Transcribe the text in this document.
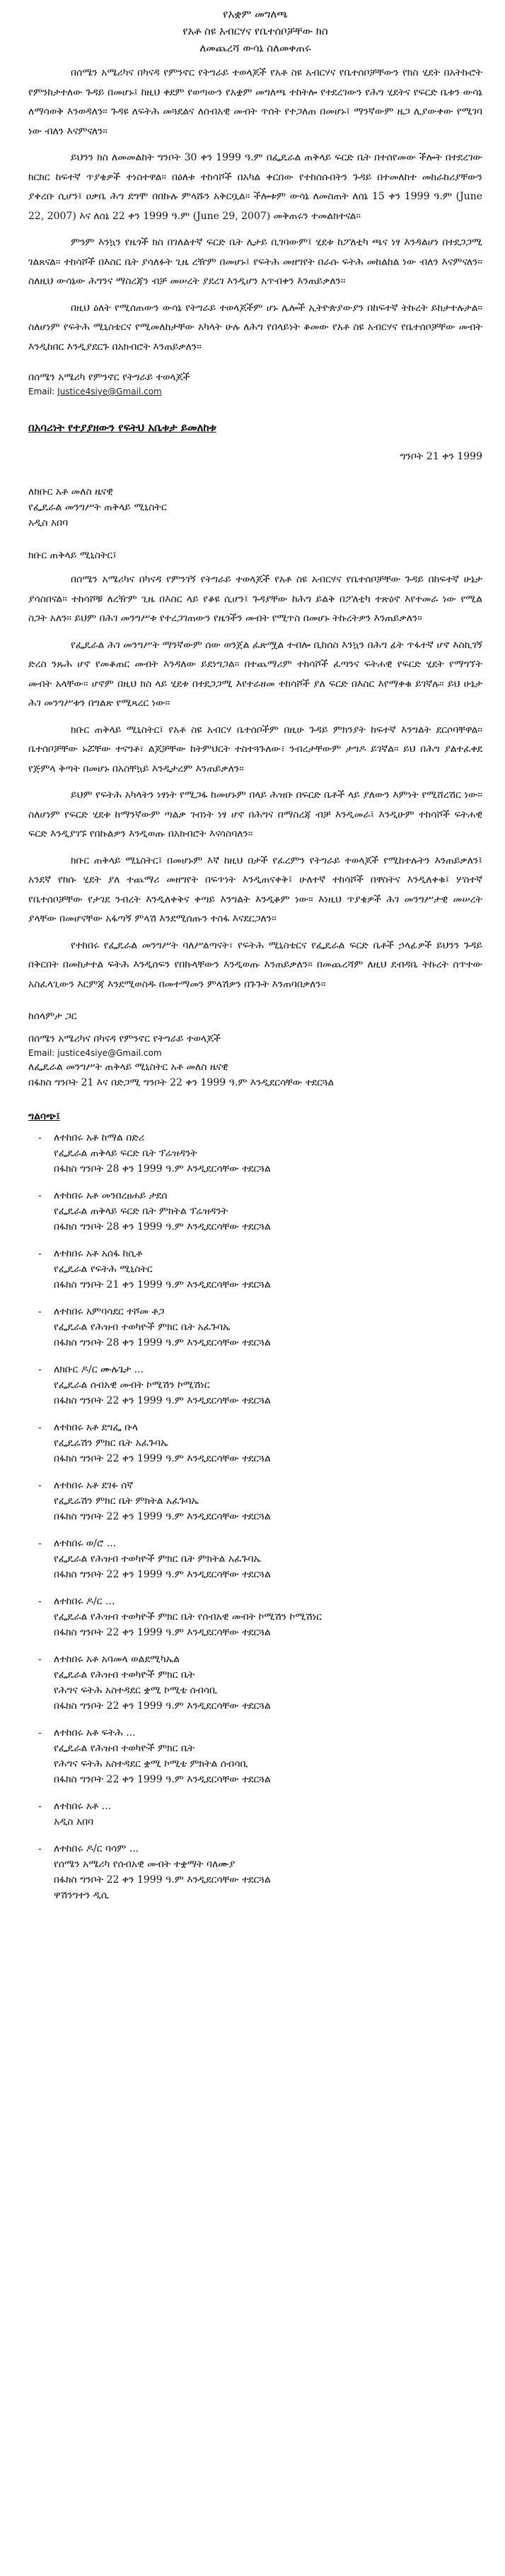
የአቋም መግለጫ
የአቶ ስዩ አብርሃና የቤተሰቦቻቸው ክስ
ለመጨረሻ ውሳኔ ስለመቀጠሩ

በሰሜን አሜሪካና በካናዳ የምንኖር የትግራይ ተወላጆች የአቶ ስዩ አብርሃና የቤተሰቦቻቸውን የክስ ሂደት በአትኩሮት የምንከታተለው ጉዳይ በመሆኑ፤ ከዚህ ቀደም የወጣውን የአቋም መግለጫ ተከትሎ የተደረገውን የሕግ ሂደትና የፍርድ ቤቱን ውሳኔ ለማሳወቅ እንወዳለን። ጉዳዩ ለፍትሕ መጓደልና ለሰብአዊ መብት ጥሰት የተጋለጠ በመሆኑ፤ ማንኛውም ዜጋ ሊያውቀው የሚገባ ነው ብለን እናምናለን።

ይህንን ክስ ለመመልከት ግንቦት 30 ቀን 1999 ዓ.ም በፌዴራል ጠቅላይ ፍርድ ቤት በተሰየመው ችሎት በተደረገው ክርክር ከፍተኛ ጥያቄዎች ተነስተዋል። በዕለቱ ተከሳሾች በአካል ቀርበው የተከሰሱበትን ጉዳይ በተመለከተ መከራከሪያቸውን ያቀረቡ ሲሆን፤ ዐቃቤ ሕግ ደግሞ በበኩሉ ምላሹን አቅርቧል። ችሎቱም ውሳኔ ለመስጠት ለሰኔ 15 ቀን 1999 ዓ.ም (June 22, 2007) እና ለሰኔ 22 ቀን 1999 ዓ.ም (June 29, 2007) መቅጠሩን ተመልክተናል።

ምንም እንኳን የዜጎች ክስ በገለልተኛ ፍርድ ቤት ሊታይ ቢገባውም፤ ሂደቱ ከፖለቲካ ጫና ነፃ እንዳልሆነ በተደጋጋሚ ገልጸናል። ተከሳሾች በእስር ቤት ያሳለፉት ጊዜ ረዥም በመሆኑ፤ የፍትሕ መዘግየት በራሱ ፍትሕ መከልከል ነው ብለን እናምናለን። ስለዚህ ውሳኔው ሕግንና ማስረጃን ብቻ መሠረት ያደረገ እንዲሆን አጥብቀን እንጠይቃለን።

በዚህ ዕለት የሚሰጠውን ውሳኔ የትግራይ ተወላጆችም ሆኑ ሌሎች ኢትዮጵያውያን በከፍተኛ ትኩረት ይከታተሉታል። ስለሆነም የፍትሕ ሚኒስቴርና የሚመለከታቸው አካላት ሁሉ ለሕግ የበላይነት ቆመው የአቶ ስዩ አብርሃና የቤተሰቦቻቸው መብት እንዲከበር እንዲያደርጉ በአክብሮት እንጠይቃለን።

በሰሜን አሜሪካ የምንኖር የትግራይ ተወላጆች
Email: Justice4siye@Gmail.com
በአባሪነት የተያያዘውን የፍትህ አቤቱታ ይመለከቱ
ግንቦት 21 ቀን 1999
ለክቡር አቶ መለስ ዜናዊ
የፌዴራል መንግሥት ጠቅላይ ሚኒስትር
አዲስ አበባ
ክቡር ጠቅላይ ሚኒስትር፤

በሰሜን አሜሪካና በካናዳ የምንገኝ የትግራይ ተወላጆች የአቶ ስዩ አብርሃና የቤተሰቦቻቸው ጉዳይ በከፍተኛ ሁኔታ ያሳስበናል። ተከሳሾቹ ለረዥም ጊዜ በእስር ላይ የቆዩ ሲሆን፤ ጉዳያቸው ከሕግ ይልቅ በፖለቲካ ተጽዕኖ እየተመራ ነው የሚል ስጋት አለን። ይህም በሕገ መንግሥቱ የተረጋገጠውን የዜጎችን መብት የሚጥስ በመሆኑ ትኩረትዎን እንጠይቃለን።

የፌዴራል ሕገ መንግሥት ማንኛውም ሰው ወንጀል ፈጽሟል ተብሎ ቢከሰስ እንኳን በሕግ ፊት ጥፋተኛ ሆኖ እስኪገኝ ድረስ ንጹሕ ሆኖ የመቆጠር መብት እንዳለው ይደነግጋል። በተጨማሪም ተከሳሾች ፈጣንና ፍትሐዊ የፍርድ ሂደት የማግኘት መብት አላቸው። ሆኖም በዚህ ክስ ላይ ሂደቱ በተደጋጋሚ እየተራዘመ ተከሳሾች ያለ ፍርድ በእስር እየማቀቁ ይገኛሉ። ይህ ሁኔታ ሕገ መንግሥቱን በግልጽ የሚጻረር ነው።

ክቡር ጠቅላይ ሚኒስትር፤ የአቶ ስዩ አብርሃ ቤተሰቦችም በዚሁ ጉዳይ ምክንያት ከፍተኛ እንግልት ደርሶባቸዋል። ቤተሰቦቻቸው ኑሯቸው ተናግቶ፣ ልጆቻቸው ከትምህርት ተስተጓጉለው፣ ንብረታቸውም ታግዶ ይገኛል። ይህ በሕግ ያልተፈቀደ የጅምላ ቅጣት በመሆኑ በአስቸኳይ እንዲታረም እንጠይቃለን።

ይህም የፍትሕ አካላትን ነፃነት የሚጋፋ ከመሆኑም በላይ ሕዝቡ በፍርድ ቤቶች ላይ ያለውን እምነት የሚሸረሽር ነው። ስለሆነም የፍርድ ሂደቱ ከማንኛውም ጣልቃ ገብነት ነፃ ሆኖ በሕግና በማስረጃ ብቻ እንዲመራ፤ እንዲሁም ተከሳሾች ፍትሐዊ ፍርድ እንዲያገኙ የበኩልዎን እንዲወጡ በአክብሮት እናሳስባለን።

ክቡር ጠቅላይ ሚኒስትር፤ በመሆኑም እኛ ከዚህ በታች የፈረምን የትግራይ ተወላጆች የሚከተሉትን እንጠይቃለን፤ አንደኛ የክሱ ሂደት ያለ ተጨማሪ መዘግየት በፍጥነት እንዲጠናቀቅ፤ ሁለተኛ ተከሳሾች በዋስትና እንዲለቀቁ፤ ሦስተኛ የቤተሰቦቻቸው የታገደ ንብረት እንዲለቀቅና ቀጣይ እንግልት እንዲቆም ነው። እነዚህ ጥያቄዎች ሕገ መንግሥታዊ መሠረት ያላቸው በመሆናቸው አፋጣኝ ምላሽ እንደሚሰጡን ተስፋ እናደርጋለን።

የተከበሩ የፌዴራል መንግሥት ባለሥልጣናት፣ የፍትሕ ሚኒስቴርና የፌዴራል ፍርድ ቤቶች ኃላፊዎች ይህንን ጉዳይ በቅርበት በመከታተል ፍትሕ እንዲሰፍን የበኩላቸውን እንዲወጡ እንጠይቃለን። በመጨረሻም ለዚህ ደብዳቤ ትኩረት ሰጥተው አስፈላጊውን እርምጃ እንደሚወስዱ በመተማመን ምላሽዎን በጉጉት እንጠባበቃለን።

ከሰላምታ ጋር
በሰሜን አሜሪካና በካናዳ የምንኖር የትግራይ ተወላጆች
Email: justice4siye@Gmail.com
ለፌዴራል መንግሥት ጠቅላይ ሚኒስትር አቶ መለስ ዜናዊ
በፋክስ ግንቦት 21 እና በድጋሚ ግንቦት 22 ቀን 1999 ዓ.ም እንዲደርሳቸው ተደርጓል
ግልባጭ፤
- ለተከበሩ አቶ ከማል በድሪ
የፌዴራል ጠቅላይ ፍርድ ቤት ፕሬዝዳንት
በፋክስ ግንቦት 28 ቀን 1999 ዓ.ም እንዲደርሳቸው ተደርጓል
- ለተከበሩ አቶ መንበረፀሐይ ታደሰ
የፌዴራል ጠቅላይ ፍርድ ቤት ምክትል ፕሬዝዳንት
በፋክስ ግንቦት 28 ቀን 1999 ዓ.ም እንዲደርሳቸው ተደርጓል
- ለተከበሩ አቶ አሰፋ ከሲቶ
የፌዴራል የፍትሕ ሚኒስትር
በፋክስ ግንቦት 21 ቀን 1999 ዓ.ም እንዲደርሳቸው ተደርጓል
- ለተከበሩ አምባሳደር ተሾመ ቶጋ
የፌዴራል የሕዝብ ተወካዮች ምክር ቤት አፈጉባኤ
በፋክስ ግንቦት 28 ቀን 1999 ዓ.ም እንዲደርሳቸው ተደርጓል
- ለክቡር ዶ/ር ሙሉጌታ ...
የፌዴራል ሰብአዊ መብት ኮሚሽን ኮሚሽነር
በፋክስ ግንቦት 22 ቀን 1999 ዓ.ም እንዲደርሳቸው ተደርጓል
- ለተከበሩ አቶ ደግፌ ቡላ
የፌዴሬሽን ምክር ቤት አፈጉባኤ
በፋክስ ግንቦት 22 ቀን 1999 ዓ.ም እንዲደርሳቸው ተደርጓል
- ለተከበሩ አቶ ደገፉ ሰኛ
የፌዴሬሽን ምክር ቤት ምክትል አፈጉባኤ
በፋክስ ግንቦት 22 ቀን 1999 ዓ.ም እንዲደርሳቸው ተደርጓል
- ለተከበሩ ወ/ሮ ...
የፌዴራል የሕዝብ ተወካዮች ምክር ቤት ምክትል አፈጉባኤ
በፋክስ ግንቦት 22 ቀን 1999 ዓ.ም እንዲደርሳቸው ተደርጓል
- ለተከበሩ ዶ/ር ...
የፌዴራል የሕዝብ ተወካዮች ምክር ቤት የሰብአዊ መብት ኮሚሽን ኮሚሽነር
በፋክስ ግንቦት 22 ቀን 1999 ዓ.ም እንዲደርሳቸው ተደርጓል
- ለተከበሩ አቶ አባመላ ወልደሚካኤል
የፌዴራል የሕዝብ ተወካዮች ምክር ቤት
የሕግና ፍትሕ አስተዳደር ቋሚ ኮሚቴ ሰብሳቢ
በፋክስ ግንቦት 22 ቀን 1999 ዓ.ም እንዲደርሳቸው ተደርጓል
- ለተከበሩ አቶ ፍትሕ ...
የፌዴራል የሕዝብ ተወካዮች ምክር ቤት
የሕግና ፍትሕ አስተዳደር ቋሚ ኮሚቴ ምክትል ሰብሳቢ
በፋክስ ግንቦት 22 ቀን 1999 ዓ.ም እንዲደርሳቸው ተደርጓል
- ለተከበሩ አቶ ...
አዲስ አበባ
- ለተከበሩ ዶ/ር ባሳም ...
የሰሜን አሜሪካ የሰብአዊ መብት ተቋማት ባለሙያ
በፋክስ ግንቦት 22 ቀን 1999 ዓ.ም እንዲደርሳቸው ተደርጓል
ዋሽንግተን ዲሲ
